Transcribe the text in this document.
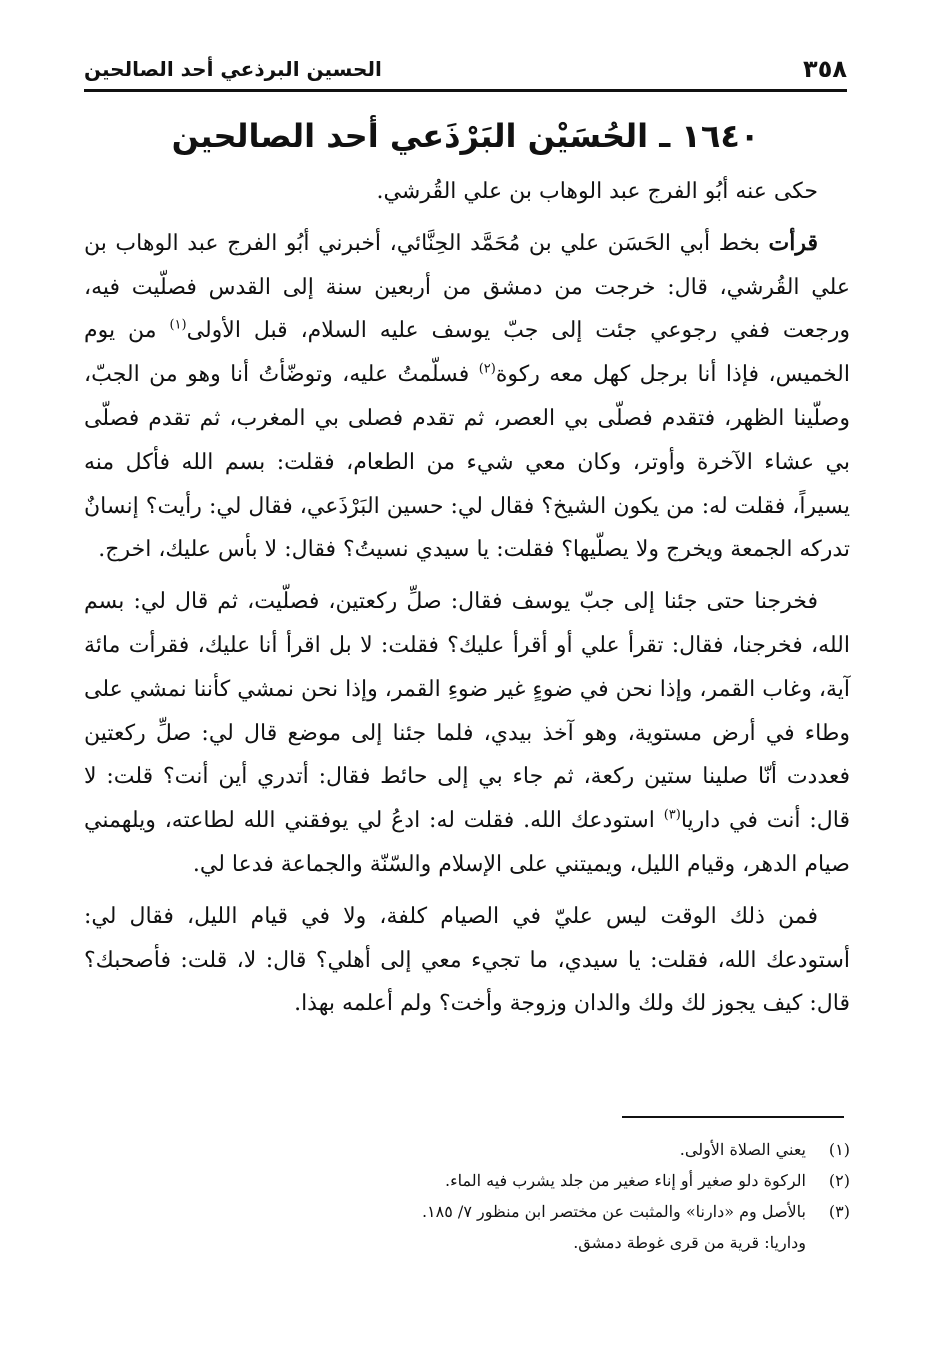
٣٥٨
الحسين البرذعي أحد الصالحين
١٦٤٠ ـ الحُسَيْن البَرْذَعي أحد الصالحين

حكى عنه أبُو الفرج عبد الوهاب بن علي القُرشي.

قرأت بخط أبي الحَسَن علي بن مُحَمَّد الحِنَّائي، أخبرني أبُو الفرج عبد الوهاب بن علي القُرشي، قال: خرجت من دمشق من أربعين سنة إلى القدس فصلّيت فيه، ورجعت ففي رجوعي جئت إلى جبّ يوسف عليه السلام، قبل الأولى$^{(١)}$ من يوم الخميس، فإذا أنا برجل كهل معه ركوة$^{(٢)}$ فسلّمتُ عليه، وتوضّأتُ أنا وهو من الجبّ، وصلّينا الظهر، فتقدم فصلّى بي العصر، ثم تقدم فصلى بي المغرب، ثم تقدم فصلّى بي عشاء الآخرة وأوتر، وكان معي شيء من الطعام، فقلت: بسم الله فأكل منه يسيراً، فقلت له: من يكون الشيخ؟ فقال لي: حسين البَرْذَعي، فقال لي: رأيت؟ إنسانٌ تدركه الجمعة ويخرج ولا يصلّيها؟ فقلت: يا سيدي نسيتُ؟ فقال: لا بأس عليك، اخرج.

فخرجنا حتى جئنا إلى جبّ يوسف فقال: صلِّ ركعتين، فصلّيت، ثم قال لي: بسم الله، فخرجنا، فقال: تقرأ علي أو أقرأ عليك؟ فقلت: لا بل اقرأ أنا عليك، فقرأت مائة آية، وغاب القمر، وإذا نحن في ضوءٍ غير ضوءِ القمر، وإذا نحن نمشي كأننا نمشي على وطاء في أرض مستوية، وهو آخذ بيدي، فلما جئنا إلى موضع قال لي: صلِّ ركعتين فعددت أنّا صلينا ستين ركعة، ثم جاء بي إلى حائط فقال: أتدري أين أنت؟ قلت: لا قال: أنت في داريا$^{(٣)}$ استودعك الله. فقلت له: ادعُ لي يوفقني الله لطاعته، ويلهمني صيام الدهر، وقيام الليل، ويميتني على الإسلام والسّنّة والجماعة فدعا لي.

فمن ذلك الوقت ليس عليّ في الصيام كلفة، ولا في قيام الليل، فقال لي: أستودعك الله، فقلت: يا سيدي، ما تجيء معي إلى أهلي؟ قال: لا، قلت: فأصحبك؟ قال: كيف يجوز لك ولك والدان وزوجة وأخت؟ ولم أعلمه بهذا.

(١)
يعني الصلاة الأولى.
(٢)
الركوة دلو صغير أو إناء صغير من جلد يشرب فيه الماء.
(٣)
بالأصل وم «دارنا» والمثبت عن مختصر ابن منظور ٧/ ١٨٥.
وداريا: قرية من قرى غوطة دمشق.
